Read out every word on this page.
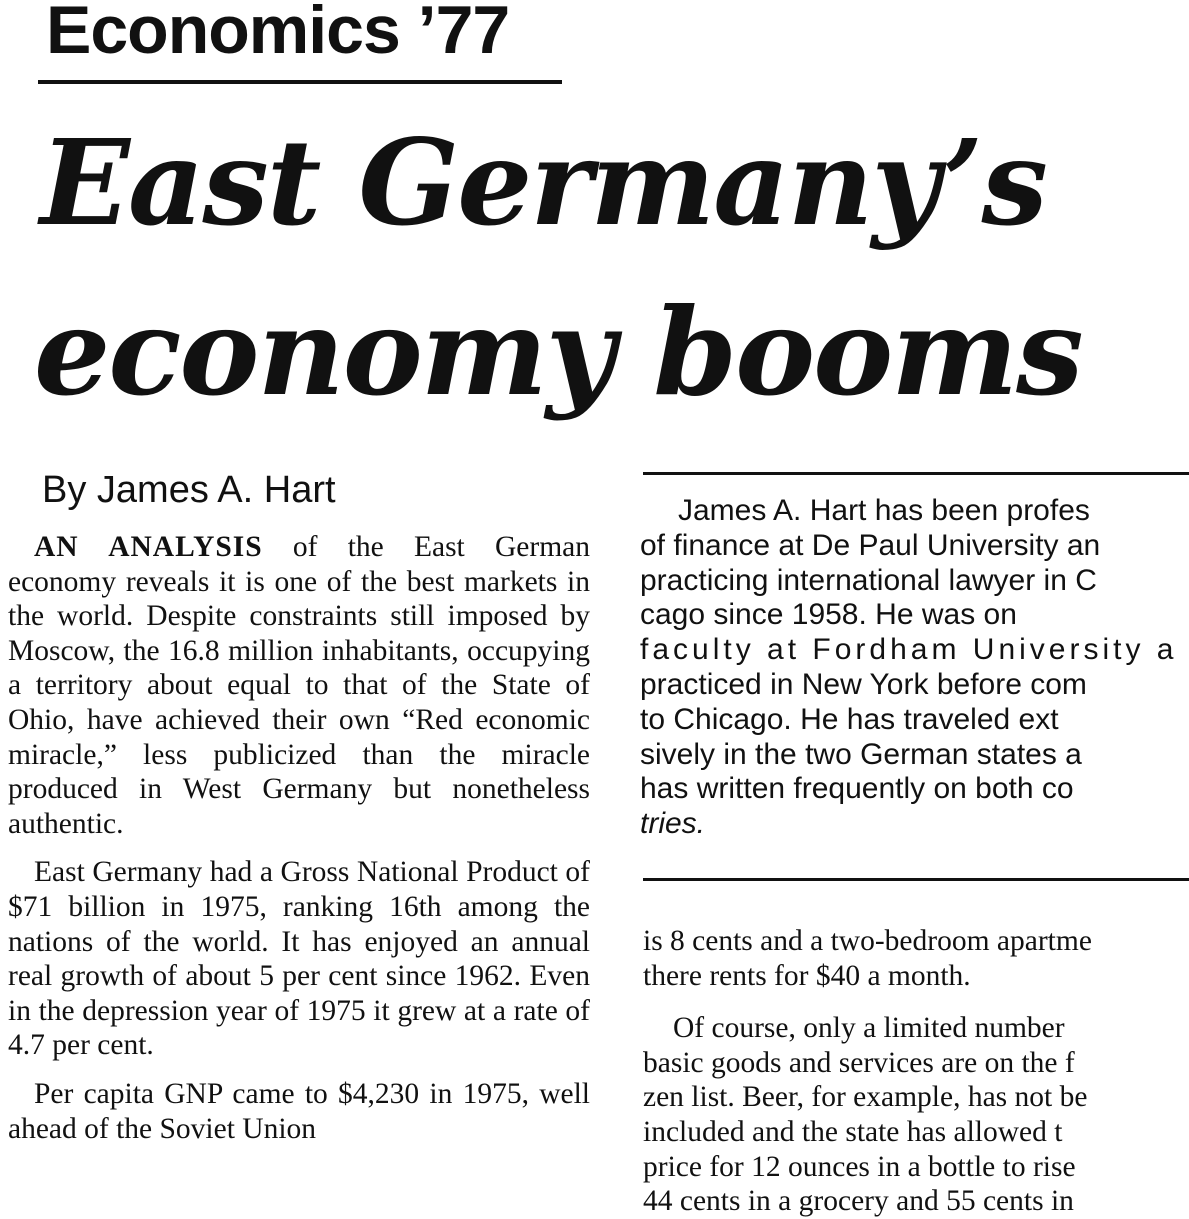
Economics ’77
East Germany’s
economy booms
By James A. Hart

AN ANALYSIS of the East German economy reveals it is one of the best markets in the world. Despite constraints still imposed by Moscow, the 16.8 million inhabitants, occupying a territory about equal to that of the State of Ohio, have achieved their own “Red economic miracle,” less publicized than the miracle produced in West Germany but nonetheless authentic.

East Germany had a Gross National Product of $71 billion in 1975, ranking 16th among the nations of the world. It has enjoyed an annual real growth of about 5 per cent since 1962. Even in the depression year of 1975 it grew at a rate of 4.7 per cent.

Per capita GNP came to $4,230 in 1975, well ahead of the Soviet Union

James A. Hart has been profes
of finance at De Paul University an
practicing international lawyer in C
cago since 1958. He was on
faculty at Fordham University a
practiced in New York before com
to Chicago. He has traveled ext
sively in the two German states a
has written frequently on both co
tries.
is 8 cents and a two-bedroom apartme
there rents for $40 a month.
Of course, only a limited number
basic goods and services are on the f
zen list. Beer, for example, has not be
included and the state has allowed t
price for 12 ounces in a bottle to rise
44 cents in a grocery and 55 cents in
